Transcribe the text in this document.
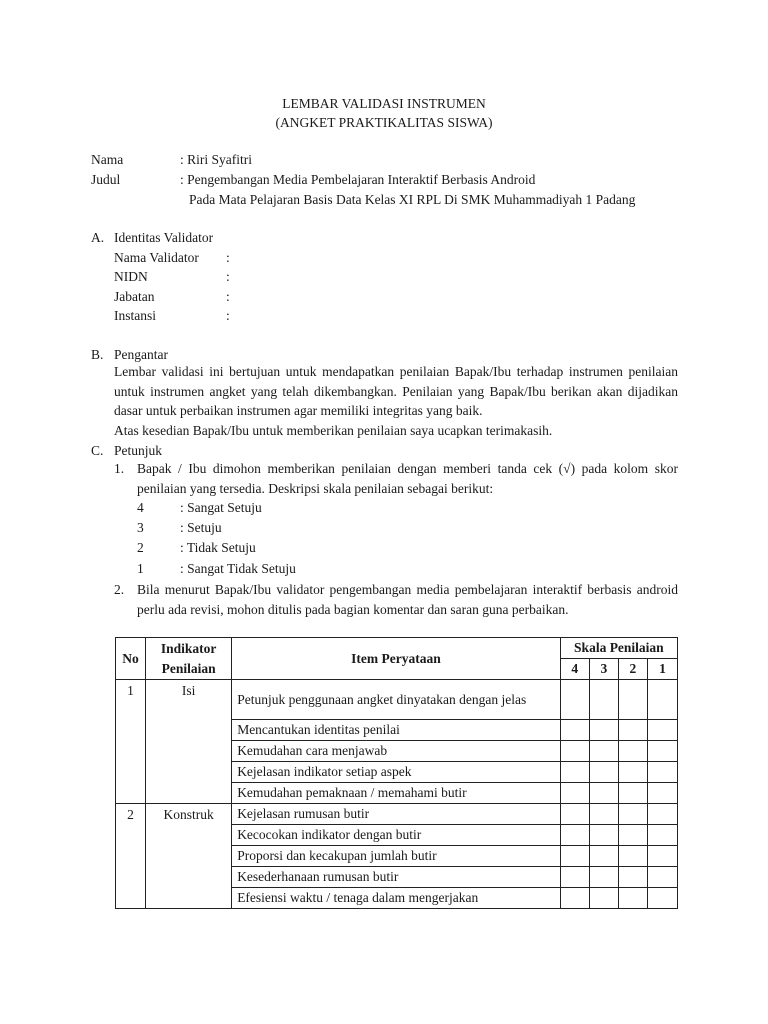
LEMBAR VALIDASI INSTRUMEN
(ANGKET PRAKTIKALITAS SISWA)
Nama	: Riri Syafitri
Judul	: Pengembangan Media Pembelajaran Interaktif Berbasis Android
Pada Mata Pelajaran Basis Data Kelas XI RPL Di SMK Muhammadiyah 1 Padang
A. Identitas Validator
Nama Validator :
NIDN	:
Jabatan	:
Instansi	:
B. Pengantar
Lembar validasi ini bertujuan untuk mendapatkan penilaian Bapak/Ibu terhadap instrumen penilaian untuk instrumen angket yang telah dikembangkan. Penilaian yang Bapak/Ibu berikan akan dijadikan dasar untuk perbaikan instrumen agar memiliki integritas yang baik.
Atas kesedian Bapak/Ibu untuk memberikan penilaian saya ucapkan terimakasih.
C. Petunjuk
1. Bapak / Ibu dimohon memberikan penilaian dengan memberi tanda cek (√) pada kolom skor penilaian yang tersedia. Deskripsi skala penilaian sebagai berikut:
4	: Sangat Setuju
3	: Setuju
2	: Tidak Setuju
1	: Sangat Tidak Setuju
2. Bila menurut Bapak/Ibu validator pengembangan media pembelajaran interaktif berbasis android perlu ada revisi, mohon ditulis pada bagian komentar dan saran guna perbaikan.
No	Indikator Penilaian	Item Peryataan	Skala Penilaian			
			4	3	2	1
1	Isi	Petunjuk penggunaan angket dinyatakan dengan jelas				
		Mencantukan identitas penilai				
		Kemudahan cara menjawab				
		Kejelasan indikator setiap aspek				
		Kemudahan pemaknaan / memahami butir				
2	Konstruk	Kejelasan rumusan butir				
		Kecocokan indikator dengan butir				
		Proporsi dan kecakupan jumlah butir				
		Kesederhanaan rumusan butir				
		Efesiensi waktu / tenaga dalam mengerjakan				
